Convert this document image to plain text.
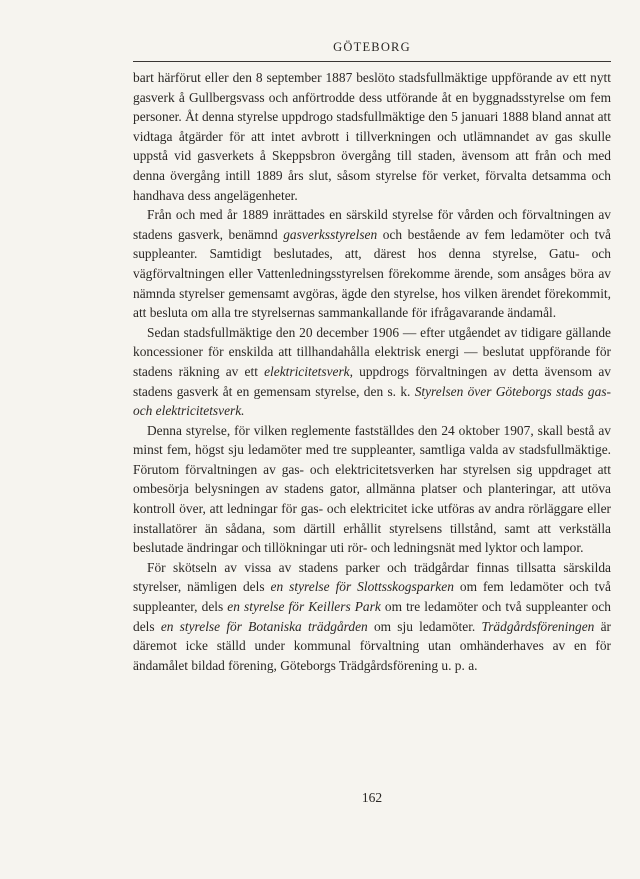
GÖTEBORG

bart härförut eller den 8 september 1887 beslöto stadsfullmäktige uppförande av ett nytt gasverk å Gullbergsvass och anförtrodde dess utförande åt en byggnadsstyrelse om fem personer. Åt denna styrelse uppdrogo stadsfullmäktige den 5 januari 1888 bland annat att vidtaga åtgärder för att intet avbrott i tillverkningen och utlämnandet av gas skulle uppstå vid gasverkets å Skeppsbron övergång till staden, ävensom att från och med denna övergång intill 1889 års slut, såsom styrelse för verket, förvalta detsamma och handhava dess angelägenheter.

Från och med år 1889 inrättades en särskild styrelse för vården och förvaltningen av stadens gasverk, benämnd gasverksstyrelsen och bestående av fem ledamöter och två suppleanter. Samtidigt beslutades, att, därest hos denna styrelse, Gatu- och vägförvaltningen eller Vattenledningsstyrelsen förekomme ärende, som ansåges böra av nämnda styrelser gemensamt avgöras, ägde den styrelse, hos vilken ärendet förekommit, att besluta om alla tre styrelsernas sammankallande för ifrågavarande ändamål.

Sedan stadsfullmäktige den 20 december 1906 — efter utgåendet av tidigare gällande koncessioner för enskilda att tillhandahålla elektrisk energi — beslutat uppförande för stadens räkning av ett elektricitetsverk, uppdrogs förvaltningen av detta ävensom av stadens gasverk åt en gemensam styrelse, den s. k. Styrelsen över Göteborgs stads gas- och elektricitetsverk.

Denna styrelse, för vilken reglemente fastställdes den 24 oktober 1907, skall bestå av minst fem, högst sju ledamöter med tre suppleanter, samtliga valda av stadsfullmäktige. Förutom förvaltningen av gas- och elektricitetsverken har styrelsen sig uppdraget att ombesörja belysningen av stadens gator, allmänna platser och planteringar, att utöva kontroll över, att ledningar för gas- och elektricitet icke utföras av andra rörläggare eller installatörer än sådana, som därtill erhållit styrelsens tillstånd, samt att verkställa beslutade ändringar och tillökningar uti rör- och ledningsnät med lyktor och lampor.

För skötseln av vissa av stadens parker och trädgårdar finnas tillsatta särskilda styrelser, nämligen dels en styrelse för Slottsskogsparken om fem ledamöter och två suppleanter, dels en styrelse för Keillers Park om tre ledamöter och två suppleanter och dels en styrelse för Botaniska trädgården om sju ledamöter. Trädgårdsföreningen är däremot icke ställd under kommunal förvaltning utan omhänderhaves av en för ändamålet bildad förening, Göteborgs Trädgårdsförening u. p. a.

162
